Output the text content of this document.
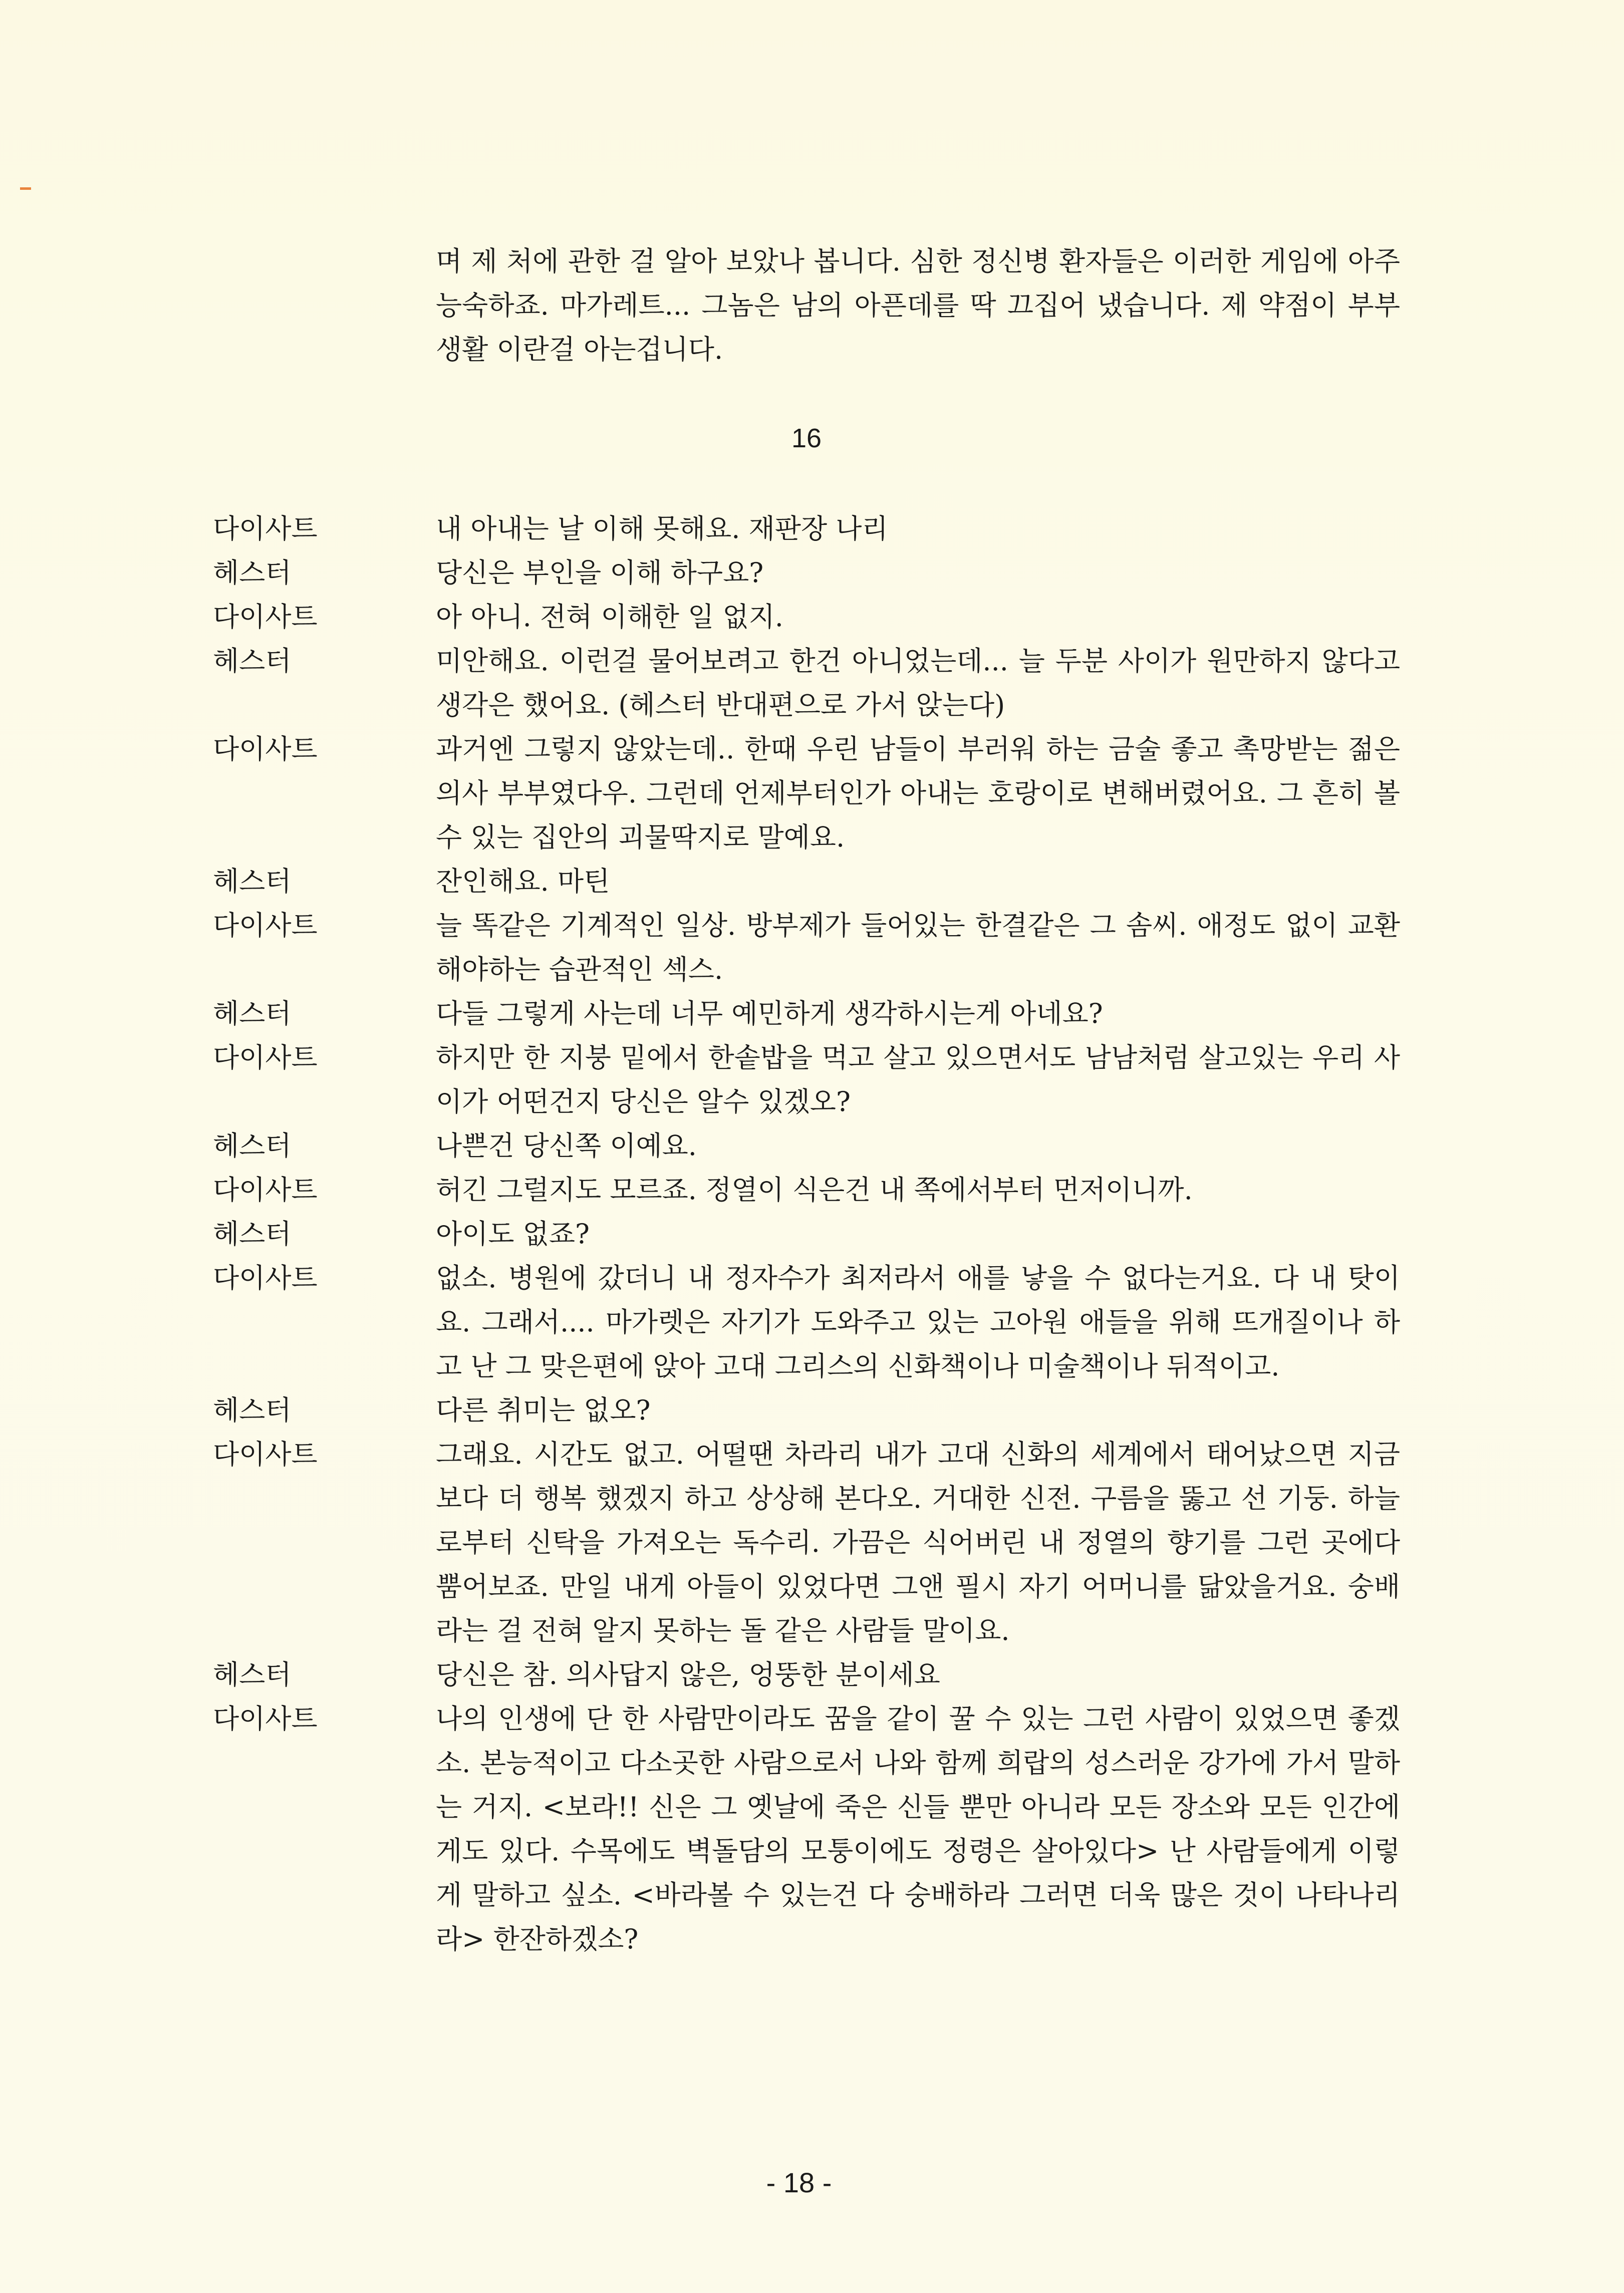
며 제 처에 관한 걸 알아 보았나 봅니다. 심한 정신병 환자들은 이러한 게임에 아주 능숙하죠. 마가레트... 그놈은 남의 아픈데를 딱 끄집어 냈습니다. 제 약점이 부부생활 이란걸 아는겁니다.
16
다이사트	내 아내는 날 이해 못해요. 재판장 나리
헤스터	당신은 부인을 이해 하구요?
다이사트	아 아니. 전혀 이해한 일 없지.
헤스터	미안해요. 이런걸 물어보려고 한건 아니었는데... 늘 두분 사이가 원만하지 않다고 생각은 했어요. (헤스터 반대편으로 가서 앉는다)
다이사트	과거엔 그렇지 않았는데.. 한때 우린 남들이 부러워 하는 금술 좋고 촉망받는 젊은 의사 부부였다우. 그런데 언제부터인가 아내는 호랑이로 변해버렸어요. 그 흔히 볼 수 있는 집안의 괴물딱지로 말예요.
헤스터	잔인해요. 마틴
다이사트	늘 똑같은 기계적인 일상. 방부제가 들어있는 한결같은 그 솜씨. 애정도 없이 교환해야하는 습관적인 섹스.
헤스터	다들 그렇게 사는데 너무 예민하게 생각하시는게 아네요?
다이사트	하지만 한 지붕 밑에서 한솥밥을 먹고 살고 있으면서도 남남처럼 살고있는 우리 사이가 어떤건지 당신은 알수 있겠오?
헤스터	나쁜건 당신쪽 이예요.
다이사트	허긴 그럴지도 모르죠. 정열이 식은건 내 쪽에서부터 먼저이니까.
헤스터	아이도 없죠?
다이사트	없소. 병원에 갔더니 내 정자수가 최저라서 애를 낳을 수 없다는거요. 다 내 탓이요. 그래서.... 마가렛은 자기가 도와주고 있는 고아원 애들을 위해 뜨개질이나 하고 난 그 맞은편에 앉아 고대 그리스의 신화책이나 미술책이나 뒤적이고.
헤스터	다른 취미는 없오?
다이사트	그래요. 시간도 없고. 어떨땐 차라리 내가 고대 신화의 세계에서 태어났으면 지금보다 더 행복 했겠지 하고 상상해 본다오. 거대한 신전. 구름을 뚫고 선 기둥. 하늘로부터 신탁을 가져오는 독수리. 가끔은 식어버린 내 정열의 향기를 그런 곳에다 뿜어보죠. 만일 내게 아들이 있었다면 그앤 필시 자기 어머니를 닮았을거요. 숭배라는 걸 전혀 알지 못하는 돌 같은 사람들 말이요.
헤스터	당신은 참. 의사답지 않은, 엉뚱한 분이세요
다이사트	나의 인생에 단 한 사람만이라도 꿈을 같이 꿀 수 있는 그런 사람이 있었으면 좋겠소. 본능적이고 다소곳한 사람으로서 나와 함께 희랍의 성스러운 강가에 가서 말하는 거지. <보라!! 신은 그 옛날에 죽은 신들 뿐만 아니라 모든 장소와 모든 인간에게도 있다. 수목에도 벽돌담의 모퉁이에도 정령은 살아있다> 난 사람들에게 이렇게 말하고 싶소. <바라볼 수 있는건 다 숭배하라 그러면 더욱 많은 것이 나타나리라> 한잔하겠소?
- 18 -
